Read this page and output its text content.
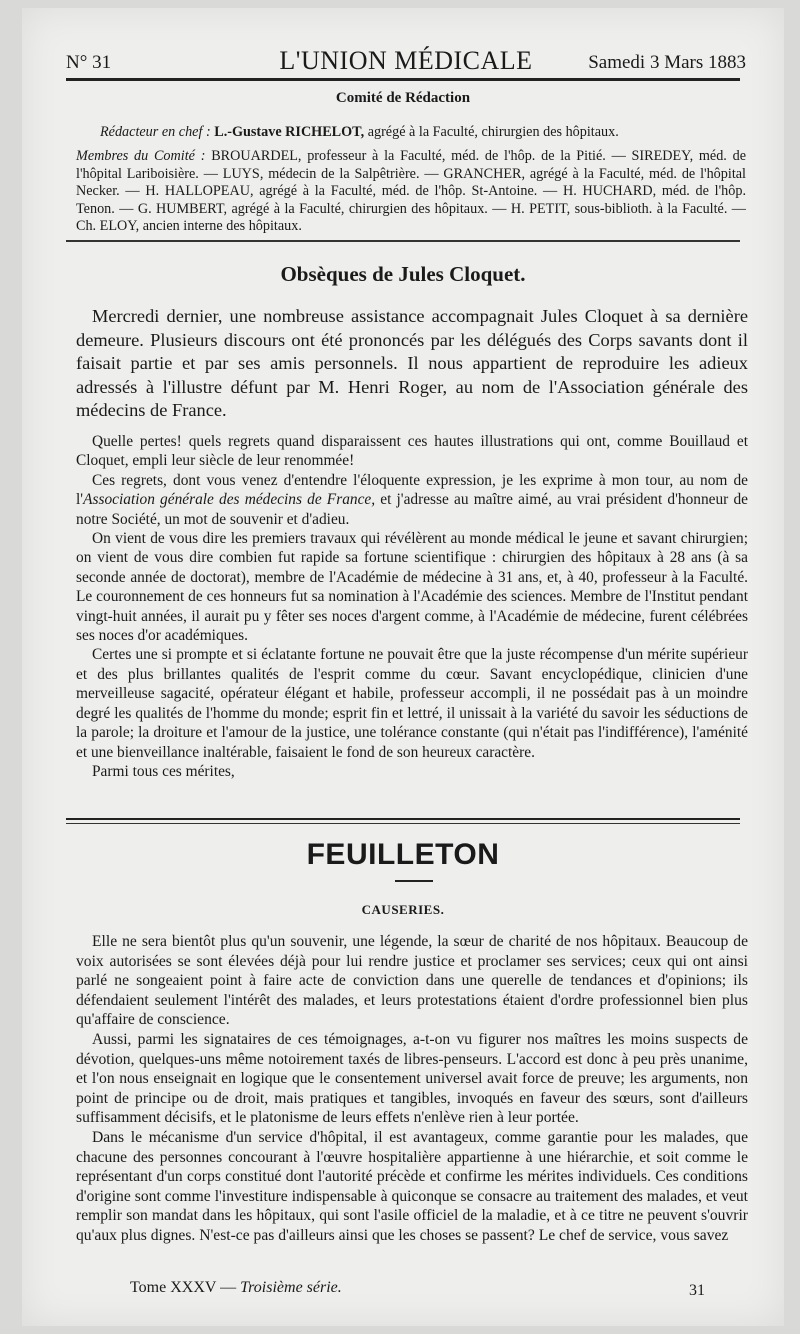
N° 31	L'UNION MÉDICALE	Samedi 3 Mars 1883
Comité de Rédaction
Rédacteur en chef : L.-Gustave RICHELOT, agrégé à la Faculté, chirurgien des hôpitaux.
Membres du Comité : BROUARDEL, professeur à la Faculté, méd. de l'hôp. de la Pitié. — SIREDEY, méd. de l'hôpital Lariboisière. — LUYS, médecin de la Salpêtrière. — GRANCHER, agrégé à la Faculté, méd. de l'hôpital Necker. — H. HALLOPEAU, agrégé à la Faculté, méd. de l'hôp. St-Antoine. — H. HUCHARD, méd. de l'hôp. Tenon. — G. HUMBERT, agrégé à la Faculté, chirurgien des hôpitaux. — H. PETIT, sous-biblioth. à la Faculté. — Ch. ELOY, ancien interne des hôpitaux.
Obsèques de Jules Cloquet.

Mercredi dernier, une nombreuse assistance accompagnait Jules Cloquet à sa dernière demeure. Plusieurs discours ont été prononcés par les délégués des Corps savants dont il faisait partie et par ses amis personnels. Il nous appartient de reproduire les adieux adressés à l'illustre défunt par M. Henri Roger, au nom de l'Association générale des médecins de France.

Quelle pertes! quels regrets quand disparaissent ces hautes illustrations qui ont, comme Bouillaud et Cloquet, empli leur siècle de leur renommée!

Ces regrets, dont vous venez d'entendre l'éloquente expression, je les exprime à mon tour, au nom de l'Association générale des médecins de France, et j'adresse au maître aimé, au vrai président d'honneur de notre Société, un mot de souvenir et d'adieu.

On vient de vous dire les premiers travaux qui révélèrent au monde médical le jeune et savant chirurgien; on vient de vous dire combien fut rapide sa fortune scientifique : chirurgien des hôpitaux à 28 ans (à sa seconde année de doctorat), membre de l'Académie de médecine à 31 ans, et, à 40, professeur à la Faculté. Le couronnement de ces honneurs fut sa nomination à l'Académie des sciences. Membre de l'Institut pendant vingt-huit années, il aurait pu y fêter ses noces d'argent comme, à l'Académie de médecine, furent célébrées ses noces d'or académiques.

Certes une si prompte et si éclatante fortune ne pouvait être que la juste récompense d'un mérite supérieur et des plus brillantes qualités de l'esprit comme du cœur. Savant encyclopédique, clinicien d'une merveilleuse sagacité, opérateur élégant et habile, professeur accompli, il ne possédait pas à un moindre degré les qualités de l'homme du monde; esprit fin et lettré, il unissait à la variété du savoir les séductions de la parole; la droiture et l'amour de la justice, une tolérance constante (qui n'était pas l'indifférence), l'aménité et une bienveillance inaltérable, faisaient le fond de son heureux caractère.

Parmi tous ces mérites,

FEUILLETON
CAUSERIES.

Elle ne sera bientôt plus qu'un souvenir, une légende, la sœur de charité de nos hôpitaux. Beaucoup de voix autorisées se sont élevées déjà pour lui rendre justice et proclamer ses services; ceux qui ont ainsi parlé ne songeaient point à faire acte de conviction dans une querelle de tendances et d'opinions; ils défendaient seulement l'intérêt des malades, et leurs protestations étaient d'ordre professionnel bien plus qu'affaire de conscience.

Aussi, parmi les signataires de ces témoignages, a-t-on vu figurer nos maîtres les moins suspects de dévotion, quelques-uns même notoirement taxés de libres-penseurs. L'accord est donc à peu près unanime, et l'on nous enseignait en logique que le consentement universel avait force de preuve; les arguments, non point de principe ou de droit, mais pratiques et tangibles, invoqués en faveur des sœurs, sont d'ailleurs suffisamment décisifs, et le platonisme de leurs effets n'enlève rien à leur portée.

Dans le mécanisme d'un service d'hôpital, il est avantageux, comme garantie pour les malades, que chacune des personnes concourant à l'œuvre hospitalière appartienne à une hiérarchie, et soit comme le représentant d'un corps constitué dont l'autorité précède et confirme les mérites individuels. Ces conditions d'origine sont comme l'investiture indispensable à quiconque se consacre au traitement des malades, et veut remplir son mandat dans les hôpitaux, qui sont l'asile officiel de la maladie, et à ce titre ne peuvent s'ouvrir qu'aux plus dignes. N'est-ce pas d'ailleurs ainsi que les choses se passent? Le chef de service, vous savez

Tome XXXV — Troisième série.	31
